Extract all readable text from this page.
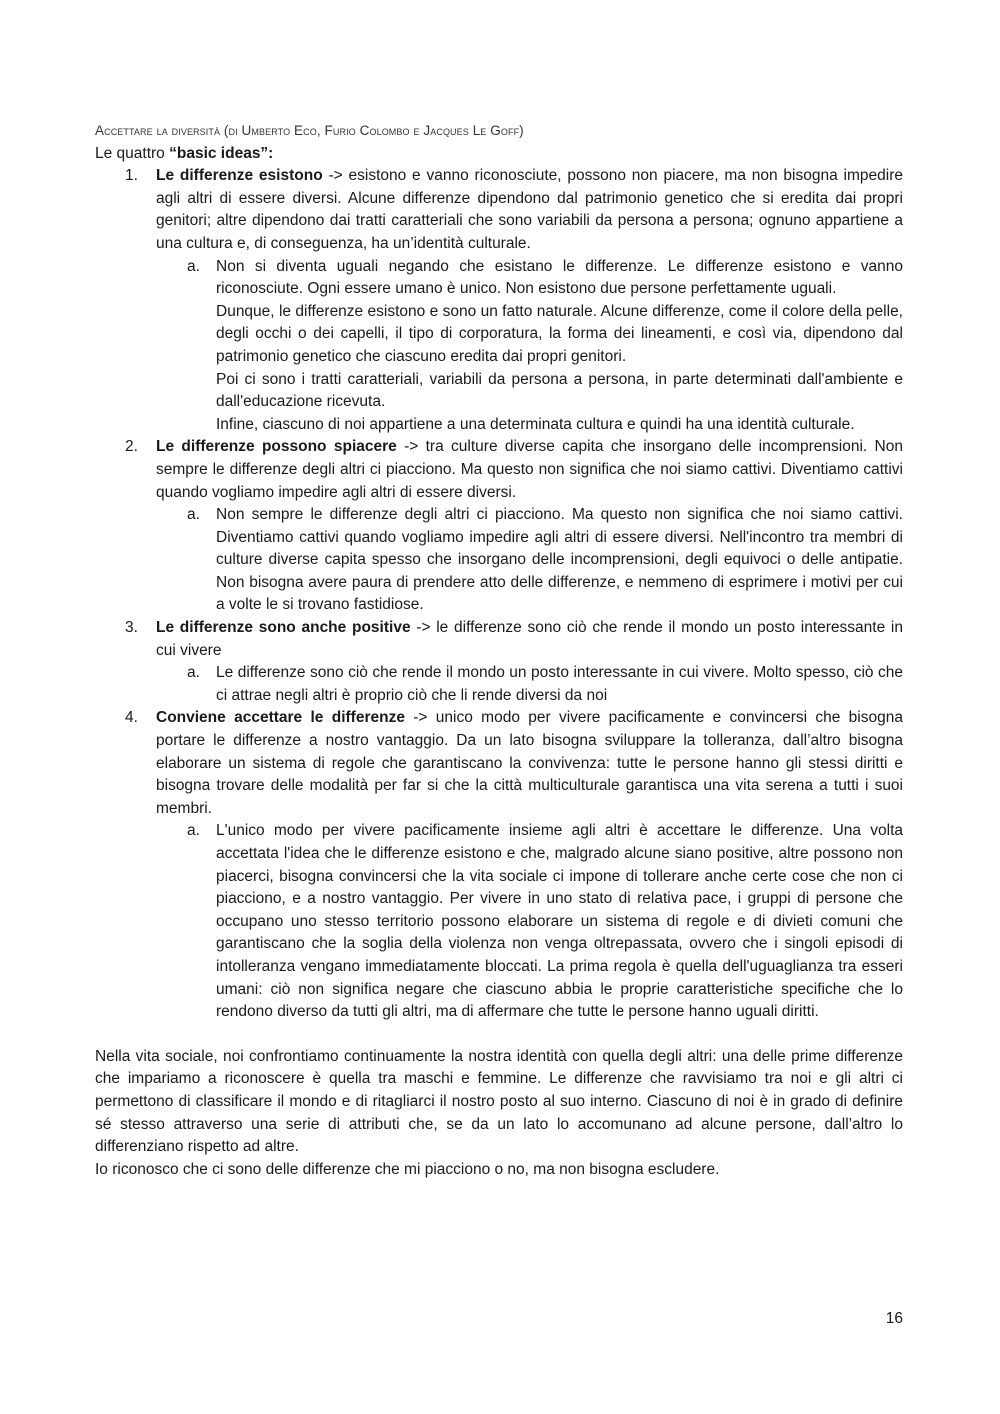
Accettare la diversità (di Umberto Eco, Furio Colombo e Jacques Le Goff)
Le quattro “basic ideas”:
1. Le differenze esistono -> esistono e vanno riconosciute, possono non piacere, ma non bisogna impedire agli altri di essere diversi. Alcune differenze dipendono dal patrimonio genetico che si eredita dai propri genitori; altre dipendono dai tratti caratteriali che sono variabili da persona a persona; ognuno appartiene a una cultura e, di conseguenza, ha un’identità culturale.
a. Non si diventa uguali negando che esistano le differenze. Le differenze esistono e vanno riconosciute. Ogni essere umano è unico. Non esistono due persone perfettamente uguali.
Dunque, le differenze esistono e sono un fatto naturale. Alcune differenze, come il colore della pelle, degli occhi o dei capelli, il tipo di corporatura, la forma dei lineamenti, e così via, dipendono dal patrimonio genetico che ciascuno eredita dai propri genitori.
Poi ci sono i tratti caratteriali, variabili da persona a persona, in parte determinati dall'ambiente e dall'educazione ricevuta.
Infine, ciascuno di noi appartiene a una determinata cultura e quindi ha una identità culturale.
2. Le differenze possono spiacere -> tra culture diverse capita che insorgano delle incomprensioni. Non sempre le differenze degli altri ci piacciono. Ma questo non significa che noi siamo cattivi. Diventiamo cattivi quando vogliamo impedire agli altri di essere diversi.
a. Non sempre le differenze degli altri ci piacciono. Ma questo non significa che noi siamo cattivi. Diventiamo cattivi quando vogliamo impedire agli altri di essere diversi. Nell'incontro tra membri di culture diverse capita spesso che insorgano delle incomprensioni, degli equivoci o delle antipatie. Non bisogna avere paura di prendere atto delle differenze, e nemmeno di esprimere i motivi per cui a volte le si trovano fastidiose.
3. Le differenze sono anche positive -> le differenze sono ciò che rende il mondo un posto interessante in cui vivere
a. Le differenze sono ciò che rende il mondo un posto interessante in cui vivere. Molto spesso, ciò che ci attrae negli altri è proprio ciò che li rende diversi da noi
4. Conviene accettare le differenze -> unico modo per vivere pacificamente e convincersi che bisogna portare le differenze a nostro vantaggio. Da un lato bisogna sviluppare la tolleranza, dall’altro bisogna elaborare un sistema di regole che garantiscano la convivenza: tutte le persone hanno gli stessi diritti e bisogna trovare delle modalità per far si che la città multiculturale garantisca una vita serena a tutti i suoi membri.
a. L'unico modo per vivere pacificamente insieme agli altri è accettare le differenze. Una volta accettata l'idea che le differenze esistono e che, malgrado alcune siano positive, altre possono non piacerci, bisogna convincersi che la vita sociale ci impone di tollerare anche certe cose che non ci piacciono, e a nostro vantaggio. Per vivere in uno stato di relativa pace, i gruppi di persone che occupano uno stesso territorio possono elaborare un sistema di regole e di divieti comuni che garantiscano che la soglia della violenza non venga oltrepassata, ovvero che i singoli episodi di intolleranza vengano immediatamente bloccati. La prima regola è quella dell'uguaglianza tra esseri umani: ciò non significa negare che ciascuno abbia le proprie caratteristiche specifiche che lo rendono diverso da tutti gli altri, ma di affermare che tutte le persone hanno uguali diritti.

Nella vita sociale, noi confrontiamo continuamente la nostra identità con quella degli altri: una delle prime differenze che impariamo a riconoscere è quella tra maschi e femmine. Le differenze che ravvisiamo tra noi e gli altri ci permettono di classificare il mondo e di ritagliarci il nostro posto al suo interno. Ciascuno di noi è in grado di definire sé stesso attraverso una serie di attributi che, se da un lato lo accomunano ad alcune persone, dall’altro lo differenziano rispetto ad altre.

Io riconosco che ci sono delle differenze che mi piacciono o no, ma non bisogna escludere.

16
